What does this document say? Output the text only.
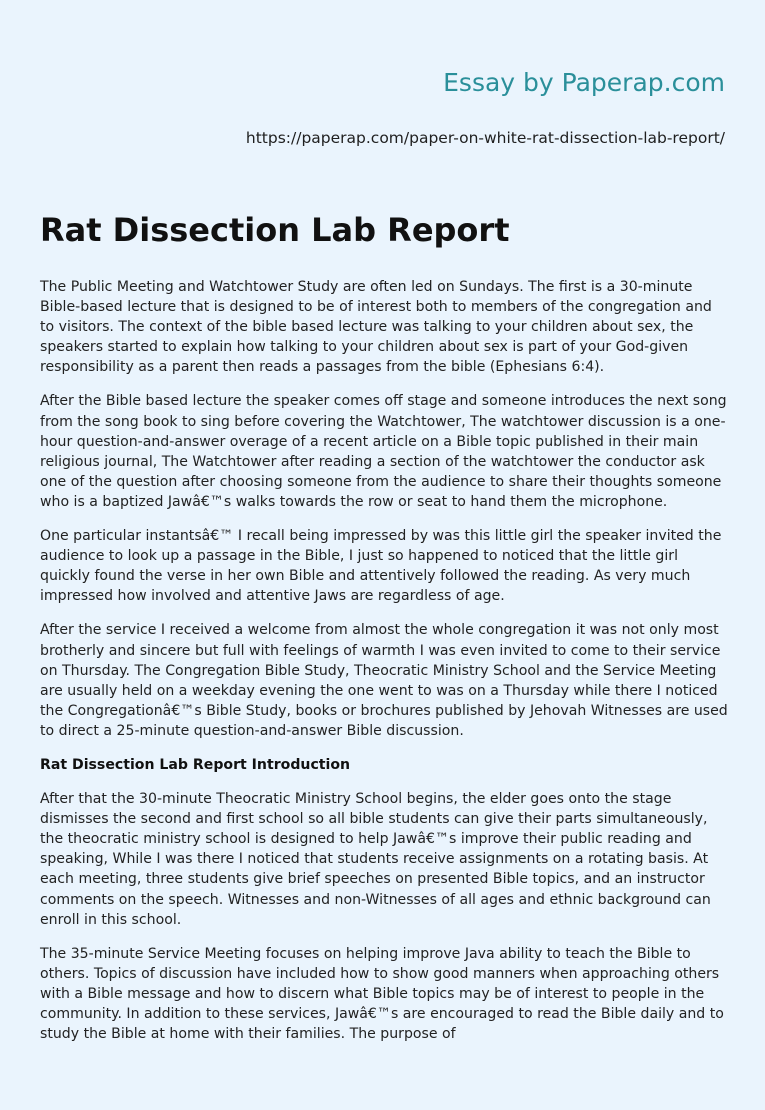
Essay by Paperap.com
https://paperap.com/paper-on-white-rat-dissection-lab-report/
Rat Dissection Lab Report

The Public Meeting and Watchtower Study are often led on Sundays. The first is a 30-minute Bible-based lecture that is designed to be of interest both to members of the congregation and to visitors. The context of the bible based lecture was talking to your children about sex, the speakers started to explain how talking to your children about sex is part of your God-given responsibility as a parent then reads a passages from the bible (Ephesians 6:4).

After the Bible based lecture the speaker comes off stage and someone introduces the next song from the song book to sing before covering the Watchtower, The watchtower discussion is a one-hour question-and-answer overage of a recent article on a Bible topic published in their main religious journal, The Watchtower after reading a section of the watchtower the conductor ask one of the question after choosing someone from the audience to share their thoughts someone who is a baptized Jawâ€™s walks towards the row or seat to hand them the microphone.

One particular instantsâ€™ I recall being impressed by was this little girl the speaker invited the audience to look up a passage in the Bible, I just so happened to noticed that the little girl quickly found the verse in her own Bible and attentively followed the reading. As very much impressed how involved and attentive Jaws are regardless of age.

After the service I received a welcome from almost the whole congregation it was not only most brotherly and sincere but full with feelings of warmth I was even invited to come to their service on Thursday. The Congregation Bible Study, Theocratic Ministry School and the Service Meeting are usually held on a weekday evening the one went to was on a Thursday while there I noticed the Congregationâ€™s Bible Study, books or brochures published by Jehovah Witnesses are used to direct a 25-minute question-and-answer Bible discussion.

Rat Dissection Lab Report Introduction

After that the 30-minute Theocratic Ministry School begins, the elder goes onto the stage dismisses the second and first school so all bible students can give their parts simultaneously, the theocratic ministry school is designed to help Jawâ€™s improve their public reading and speaking, While I was there I noticed that students receive assignments on a rotating basis. At each meeting, three students give brief speeches on presented Bible topics, and an instructor comments on the speech. Witnesses and non-Witnesses of all ages and ethnic background can enroll in this school.

The 35-minute Service Meeting focuses on helping improve Java ability to teach the Bible to others. Topics of discussion have included how to show good manners when approaching others with a Bible message and how to discern what Bible topics may be of interest to people in the community. In addition to these services, Jawâ€™s are encouraged to read the Bible daily and to study the Bible at home with their families. The purpose of
